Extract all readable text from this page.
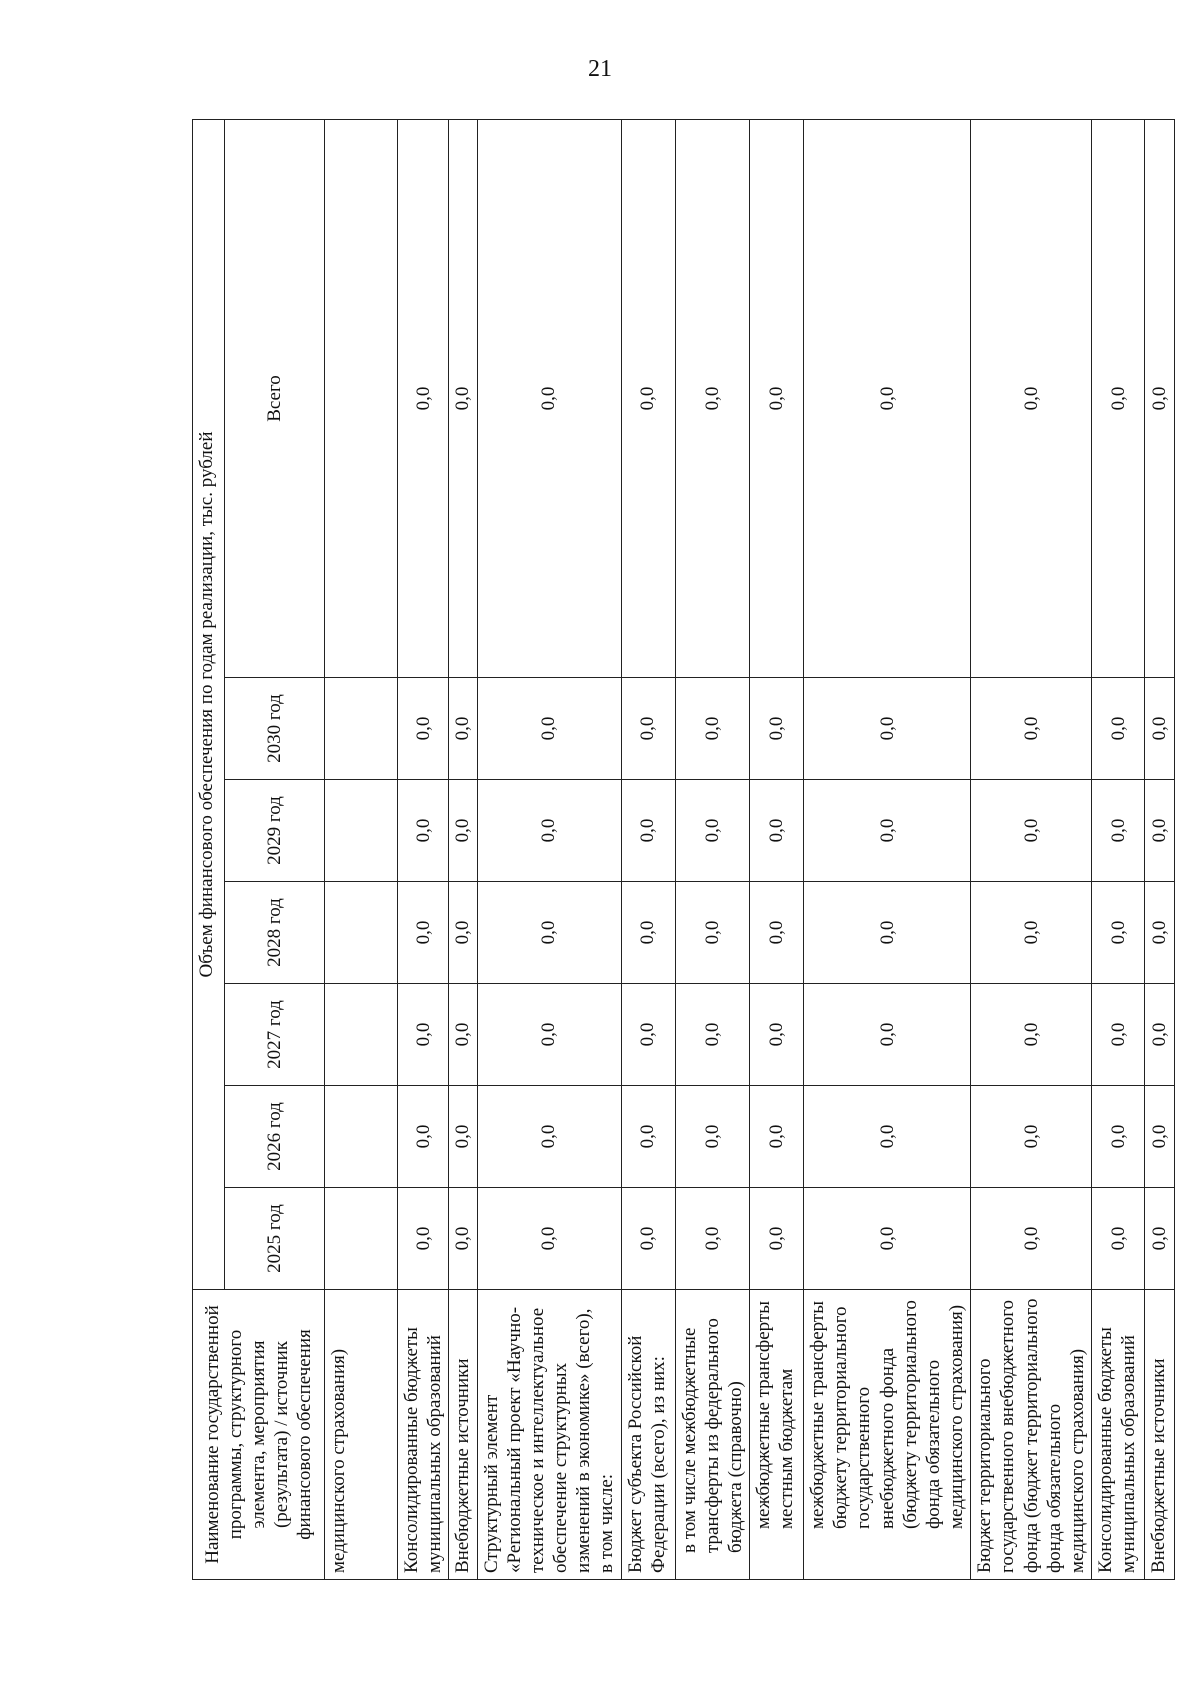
21
Наименование государственной программы, структурного элемента, мероприятия (результата) / источник финансового обеспечения	Объем финансового обеспечения по годам реализации, тыс. рублей						
	2025 год	2026 год	2027 год	2028 год	2029 год	2030 год	Всего
медицинского страхования)							
Консолидированные бюджеты муниципальных образований	0,0	0,0	0,0	0,0	0,0	0,0	0,0
Внебюджетные источники	0,0	0,0	0,0	0,0	0,0	0,0	0,0
Структурный элемент «Региональный проект «Научно-техническое и интеллектуальное обеспечение структурных изменений в экономике» (всего), в том числе:	0,0	0,0	0,0	0,0	0,0	0,0	0,0
Бюджет субъекта Российской Федерации (всего), из них:	0,0	0,0	0,0	0,0	0,0	0,0	0,0
в том числе межбюджетные трансферты из федерального бюджета (справочно)	0,0	0,0	0,0	0,0	0,0	0,0	0,0
межбюджетные трансферты местным бюджетам	0,0	0,0	0,0	0,0	0,0	0,0	0,0
межбюджетные трансферты бюджету территориального государственного внебюджетного фонда (бюджету территориального фонда обязательного медицинского страхования)	0,0	0,0	0,0	0,0	0,0	0,0	0,0
Бюджет территориального государственного внебюджетного фонда (бюджет территориального фонда обязательного медицинского страхования)	0,0	0,0	0,0	0,0	0,0	0,0	0,0
Консолидированные бюджеты муниципальных образований	0,0	0,0	0,0	0,0	0,0	0,0	0,0
Внебюджетные источники	0,0	0,0	0,0	0,0	0,0	0,0	0,0
